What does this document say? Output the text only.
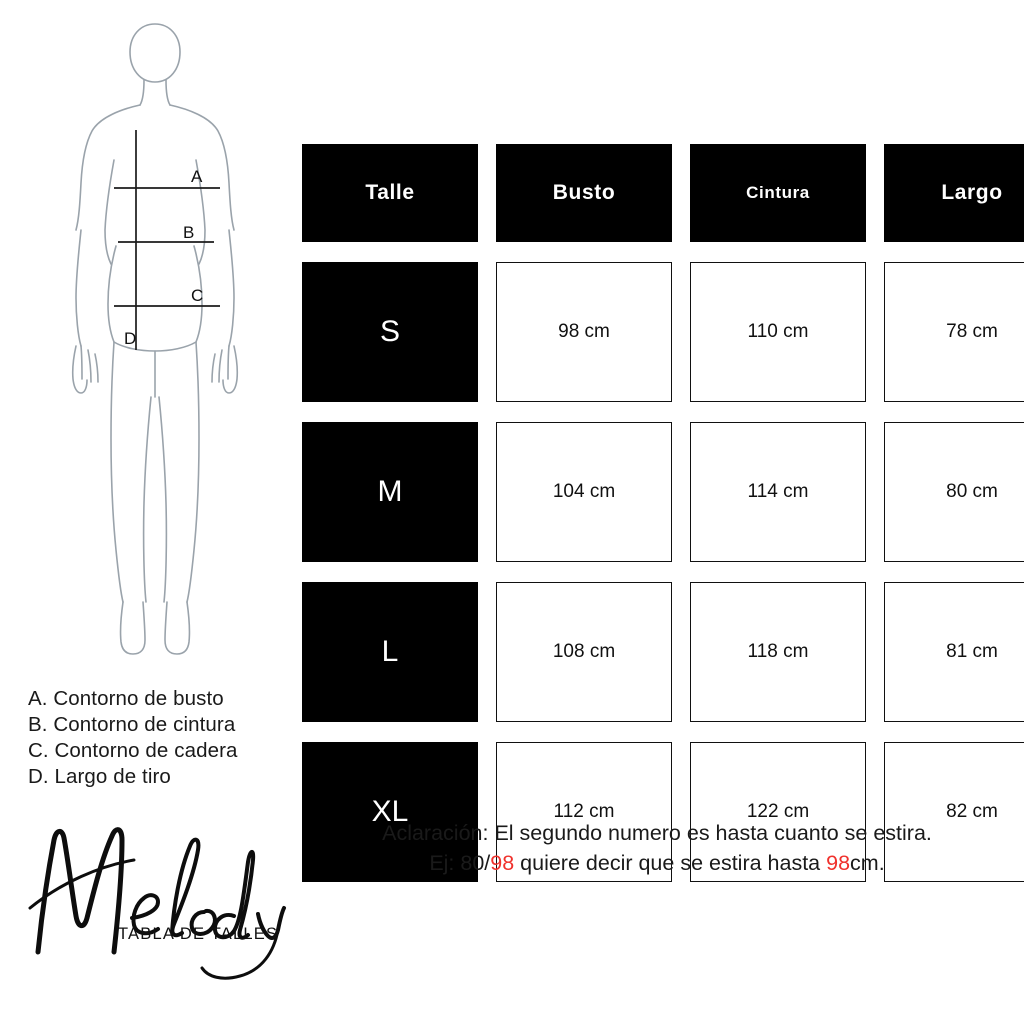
A
B
C
D
A. Contorno de busto
B. Contorno de cintura
C. Contorno de cadera
D. Largo de tiro
TABLA DE TALLES
Talle	Busto	Cintura	Largo
S	98 cm	110 cm	78 cm
M	104 cm	114 cm	80 cm
L	108 cm	118 cm	81 cm
XL	112 cm	122 cm	82 cm
Aclaración: El segundo numero es hasta cuanto se estira.
Ej: 80/98 quiere decir que se estira hasta 98cm.
